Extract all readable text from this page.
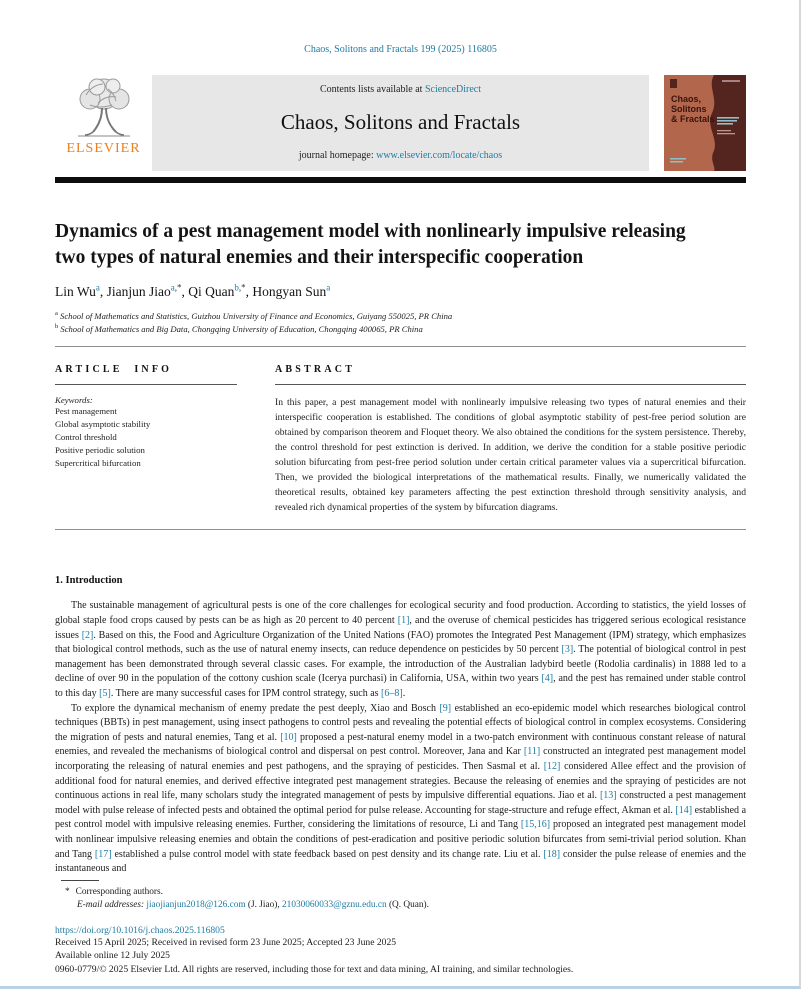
Chaos, Solitons and Fractals 199 (2025) 116805
ELSEVIER
Contents lists available at ScienceDirect
Chaos, Solitons and Fractals
journal homepage: www.elsevier.com/locate/chaos
Chaos,
Solitons
& Fractals
Dynamics of a pest management model with nonlinearly impulsive releasing
two types of natural enemies and their interspecific cooperation
Lin Wu$^a$, Jianjun Jiao$^{a,*}$, Qi Quan$^{b,*}$, Hongyan Sun$^a$
$^a$ School of Mathematics and Statistics, Guizhou University of Finance and Economics, Guiyang 550025, PR China
$^b$ School of Mathematics and Big Data, Chongqing University of Education, Chongqing 400065, PR China
ARTICLE INFO
Keywords:
Pest management
Global asymptotic stability
Control threshold
Positive periodic solution
Supercritical bifurcation
ABSTRACT

In this paper, a pest management model with nonlinearly impulsive releasing two types of natural enemies and their interspecific cooperation is established. The conditions of global asymptotic stability of pest-free period solution are obtained by comparison theorem and Floquet theory. We also obtained the conditions for the system persistence. Thereby, the control threshold for pest extinction is derived. In addition, we derive the condition for a stable positive periodic solution bifurcating from pest-free period solution under certain critical parameter values via a supercritical bifurcation. Then, we provided the biological interpretations of the mathematical results. Finally, we numerically validated the theoretical results, obtained key parameters affecting the pest extinction threshold through sensitivity analysis, and revealed rich dynamical properties of the system by bifurcation diagrams.

1. Introduction

The sustainable management of agricultural pests is one of the core challenges for ecological security and food production. According to statistics, the yield losses of global staple food crops caused by pests can be as high as 20 percent to 40 percent [1], and the overuse of chemical pesticides has triggered serious ecological resistance issues [2]. Based on this, the Food and Agriculture Organization of the United Nations (FAO) promotes the Integrated Pest Management (IPM) strategy, which emphasizes that biological control methods, such as the use of natural enemy insects, can reduce dependence on pesticides by 50 percent [3]. The potential of biological control in pest management has been demonstrated through several classic cases. For example, the introduction of the Australian ladybird beetle (Rodolia cardinalis) in 1888 led to a decline of over 90 in the population of the cottony cushion scale (Icerya purchasi) in California, USA, within two years [4], and the pest has remained under stable control to this day [5]. There are many successful cases for IPM control strategy, such as [6–8].

To explore the dynamical mechanism of enemy predate the pest deeply, Xiao and Bosch [9] established an eco-epidemic model which researches biological control techniques (BBTs) in pest management, using insect pathogens to control pests and revealing the potential effects of biological control in complex ecosystems. Considering the migration of pests and natural enemies, Tang et al. [10] proposed a pest-natural enemy model in a two-patch environment with continuous constant release of natural enemies, and revealed the mechanisms of biological control and dispersal on pest control. Moreover, Jana and Kar [11] constructed an integrated pest management model incorporating the releasing of natural enemies and pest pathogens, and the spraying of pesticides. Then Sasmal et al. [12] considered Allee effect and the provision of additional food for natural enemies, and derived effective integrated pest management strategies. Because the releasing of enemies and the spraying of pesticides are not continuous actions in real life, many scholars study the integrated management of pests by impulsive differential equations. Jiao et al. [13] constructed a pest management model with pulse release of infected pests and obtained the optimal period for pulse release. Accounting for stage-structure and refuge effect, Akman et al. [14] established a pest control model with impulsive releasing enemies. Further, considering the limitations of resource, Li and Tang [15,16] proposed an integrated pest management model with nonlinear impulsive releasing enemies and obtain the conditions of pest-eradication and positive periodic solution bifurcates from semi-trivial period solution. Khan and Tang [17] established a pulse control model with state feedback based on pest density and its change rate. Liu et al. [18] consider the pulse release of enemies and the instantaneous and

* Corresponding authors.
E-mail addresses: jiaojianjun2018@126.com (J. Jiao), 21030060033@gznu.edu.cn (Q. Quan).
https://doi.org/10.1016/j.chaos.2025.116805
Received 15 April 2025; Received in revised form 23 June 2025; Accepted 23 June 2025
Available online 12 July 2025
0960-0779/© 2025 Elsevier Ltd. All rights are reserved, including those for text and data mining, AI training, and similar technologies.
